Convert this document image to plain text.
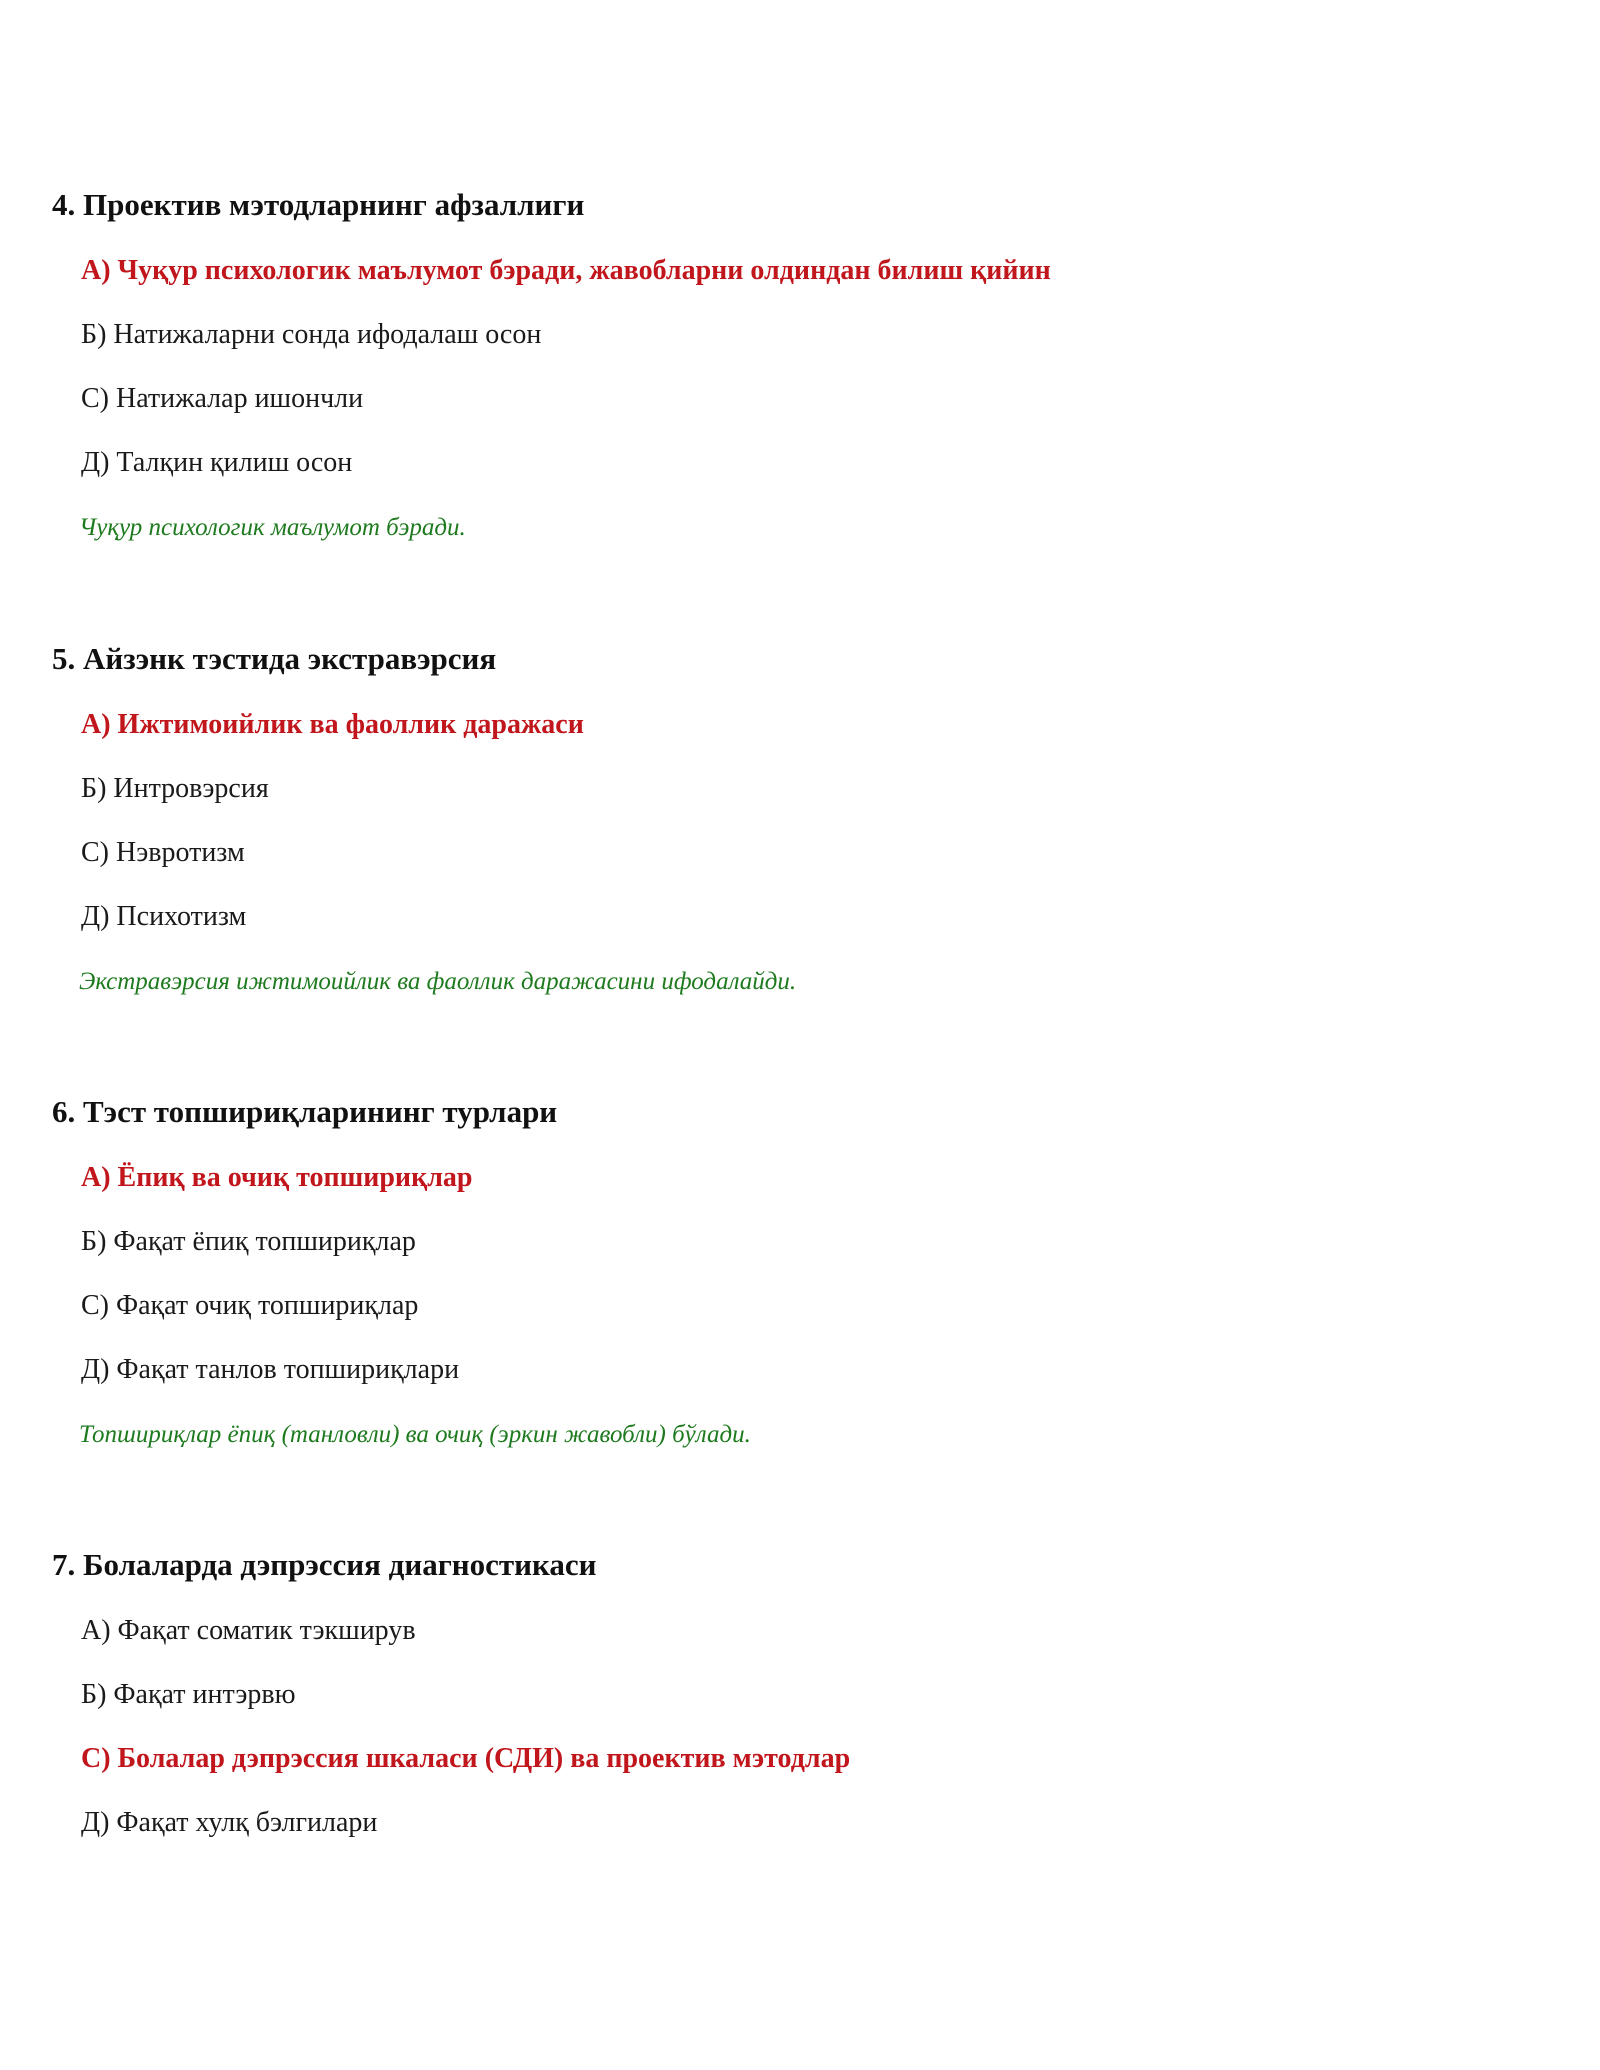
4. Проектив мэтодларнинг афзаллиги
А) Чуқур психологик маълумот бэради, жавобларни олдиндан билиш қийин
Б) Натижаларни сонда ифодалаш осон
С) Натижалар ишончли
Д) Талқин қилиш осон
Чуқур психологик маълумот бэради.
5. Айзэнк тэстида экстравэрсия
А) Ижтимоийлик ва фаоллик даражаси
Б) Интровэрсия
С) Нэвротизм
Д) Психотизм
Экстравэрсия ижтимоийлик ва фаоллик даражасини ифодалайди.
6. Тэст топшириқларининг турлари
А) Ёпиқ ва очиқ топшириқлар
Б) Фақат ёпиқ топшириқлар
С) Фақат очиқ топшириқлар
Д) Фақат танлов топшириқлари
Топшириқлар ёпиқ (танловли) ва очиқ (эркин жавобли) бўлади.
7. Болаларда дэпрэссия диагностикаси
А) Фақат соматик тэкширув
Б) Фақат интэрвю
С) Болалар дэпрэссия шкаласи (СДИ) ва проектив мэтодлар
Д) Фақат хулқ бэлгилари
